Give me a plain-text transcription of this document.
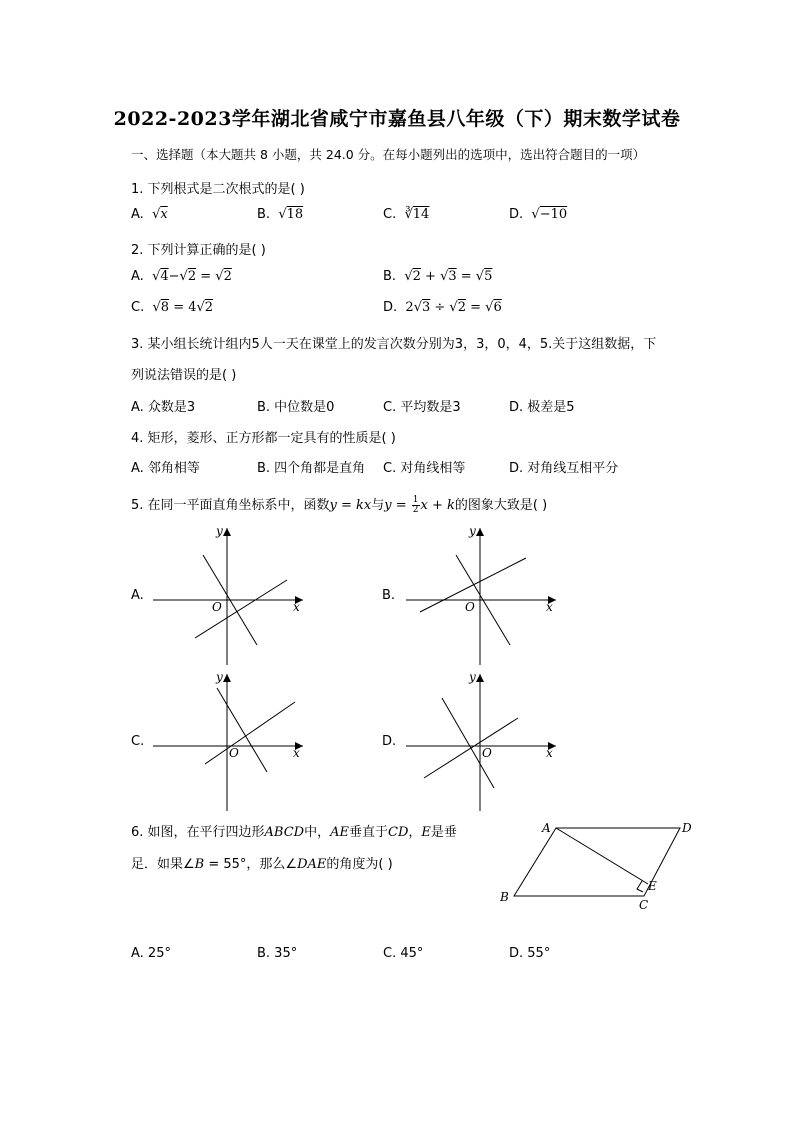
2022-2023学年湖北省咸宁市嘉鱼县八年级（下）期末数学试卷
一、选择题（本大题共 8 小题，共 24.0 分。在每小题列出的选项中，选出符合题目的一项）
1. 下列根式是二次根式的是( )
A.  √x	B.  √18	C.  ∛14	D.  √−10
2. 下列计算正确的是( )
A.  √4−√2 = √2	B.  √2 + √3 = √5
C.  √8 = 4√2	D.  2√3 ÷ √2 = √6
3. 某小组长统计组内5人一天在课堂上的发言次数分别为3，3，0，4，5.关于这组数据，下
列说法错误的是( )
A. 众数是3	B. 中位数是0	C. 平均数是3	D. 极差是5
4. 矩形，菱形、正方形都一定具有的性质是( )
A. 邻角相等	B. 四个角都是直角 C. 对角线相等	D. 对角线互相平分
5. 在同一平面直角坐标系中，函数y = kx与$y = \frac{1}{2}$ x + k的图象大致是( )
A.	B.
C.	D.
x
y
O	x
y
O
x
y
O	x
y
O
6. 如图，在平行四边形ABCD中，AE垂直于CD，E是垂
足．如果∠B = 55°，那么∠DAE的角度为( )
A	D
B
C
E
A. 25°	B. 35°	C. 45°	D. 55°
